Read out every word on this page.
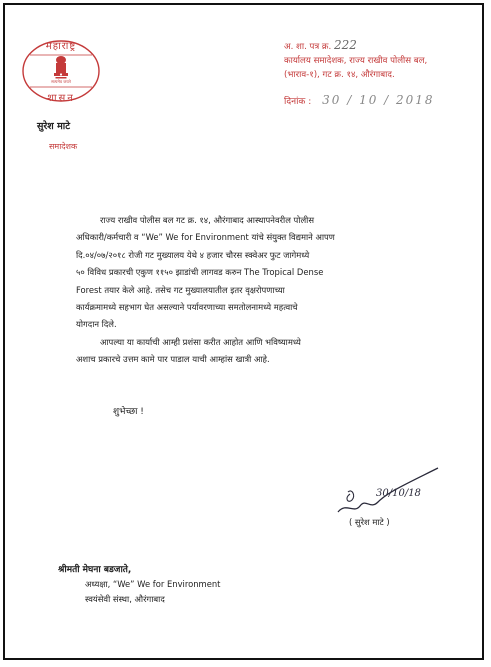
महाराष्ट्र
सत्यमेव जयते
शासन
सुरेश माटे
समादेशक
अ. शा. पत्र क्र. 222
कार्यालय समादेशक, राज्य राखीव पोलीस बल,
(भाराव-१), गट क्र. १४, औरंगाबाद.
दिनांक : 30 / 10 / 2018

राज्य राखीव पोलीस बल गट क्र. १४, औरंगाबाद आस्थापनेवरील पोलीस

अधिकारी/कर्मचारी व “We” We for Environment यांचे संयुक्त विद्यमाने आपण

दि.०४/०७/२०१८ रोजी गट मुख्यालय येथे ४ हजार चौरस स्क्वेअर फुट जागेमध्ये

५० विविध प्रकारची एकुण ११५० झाडांची लागवड करुन The Tropical Dense

Forest तयार केले आहे. तसेच गट मुख्यालयातील इतर वृक्षरोपणाच्या

कार्यक्रमामध्ये सहभाग घेत असल्याने पर्यावरणाच्या समतोलनामध्ये महत्वाचे

योगदान दिले.

आपल्या या कार्याची आम्ही प्रशंसा करीत आहोत आणि भविष्यामध्ये

अशाच प्रकारचे उत्तम कामे पार पाडाल याची आम्हांस खात्री आहे.

शुभेच्छा !
30/10/18
( सुरेश माटे )
श्रीमती मेघना बडजाते,
अध्यक्षा, “We” We for Environment
स्वयंसेवी संस्था, औरंगाबाद
